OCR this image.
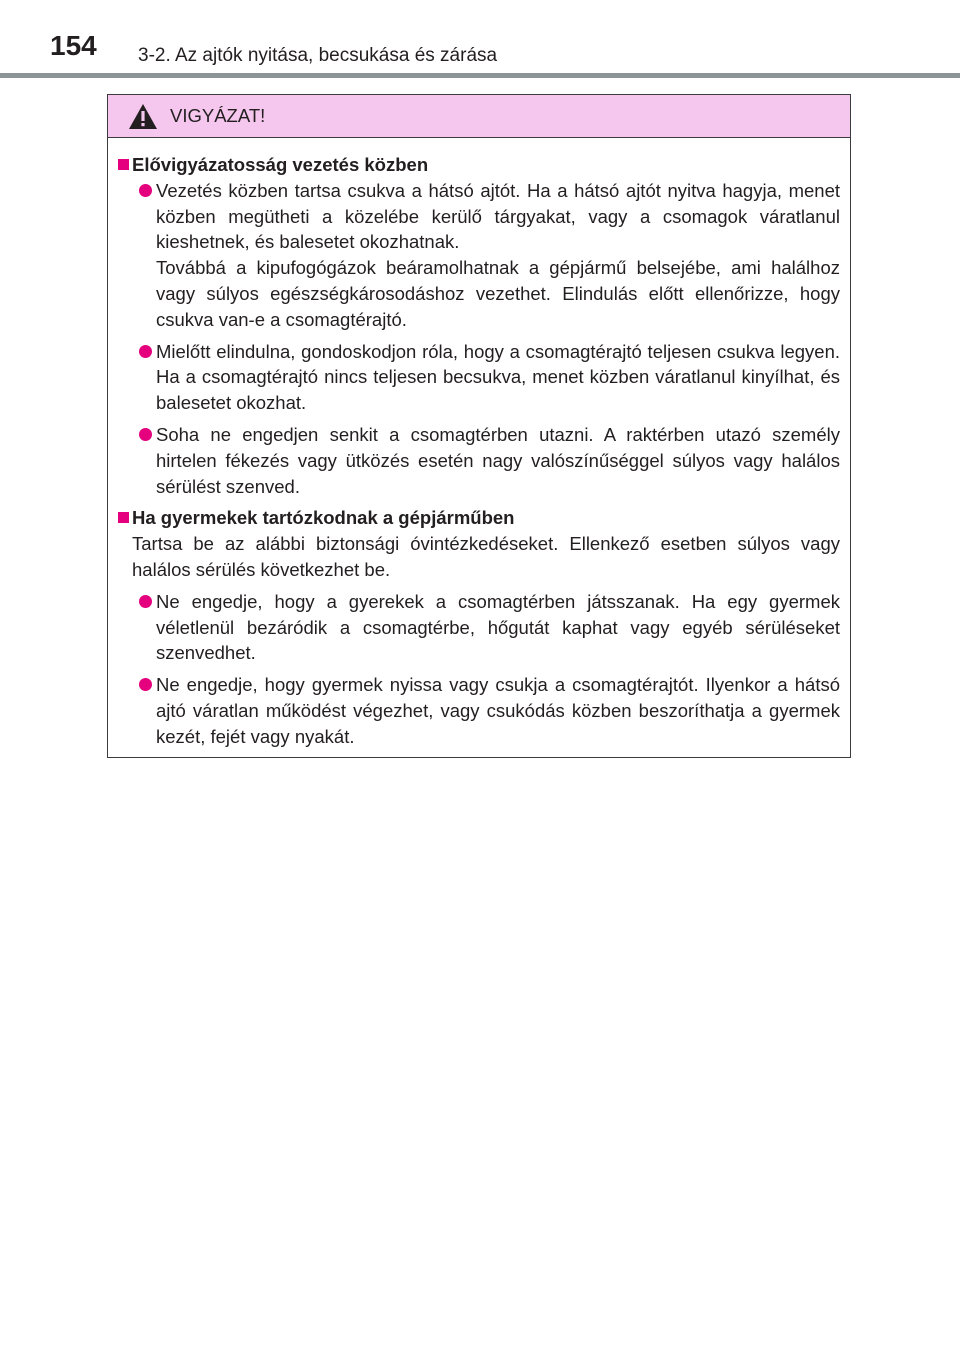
154 3-2. Az ajtók nyitása, becsukása és zárása
VIGYÁZAT!
Elővigyázatosság vezetés közben
Vezetés közben tartsa csukva a hátsó ajtót. Ha a hátsó ajtót nyitva hagyja, menet közben megütheti a közelébe kerülő tárgyakat, vagy a csomagok váratlanul kieshetnek, és balesetet okozhatnak.
Továbbá a kipufogógázok beáramolhatnak a gépjármű belsejébe, ami halálhoz vagy súlyos egészségkárosodáshoz vezethet. Elindulás előtt ellenőrizze, hogy csukva van-e a csomagtérajtó.
Mielőtt elindulna, gondoskodjon róla, hogy a csomagtérajtó teljesen csukva legyen. Ha a csomagtérajtó nincs teljesen becsukva, menet közben váratlanul kinyílhat, és balesetet okozhat.
Soha ne engedjen senkit a csomagtérben utazni. A raktérben utazó személy hirtelen fékezés vagy ütközés esetén nagy valószínűséggel súlyos vagy halálos sérülést szenved.
Ha gyermekek tartózkodnak a gépjárműben
Tartsa be az alábbi biztonsági óvintézkedéseket. Ellenkező esetben súlyos vagy halálos sérülés következhet be.
Ne engedje, hogy a gyerekek a csomagtérben játsszanak. Ha egy gyermek véletlenül bezáródik a csomagtérbe, hőgutát kaphat vagy egyéb sérüléseket szenvedhet.
Ne engedje, hogy gyermek nyissa vagy csukja a csomagtérajtót. Ilyenkor a hátsó ajtó váratlan működést végezhet, vagy csukódás közben beszoríthatja a gyermek kezét, fejét vagy nyakát.
